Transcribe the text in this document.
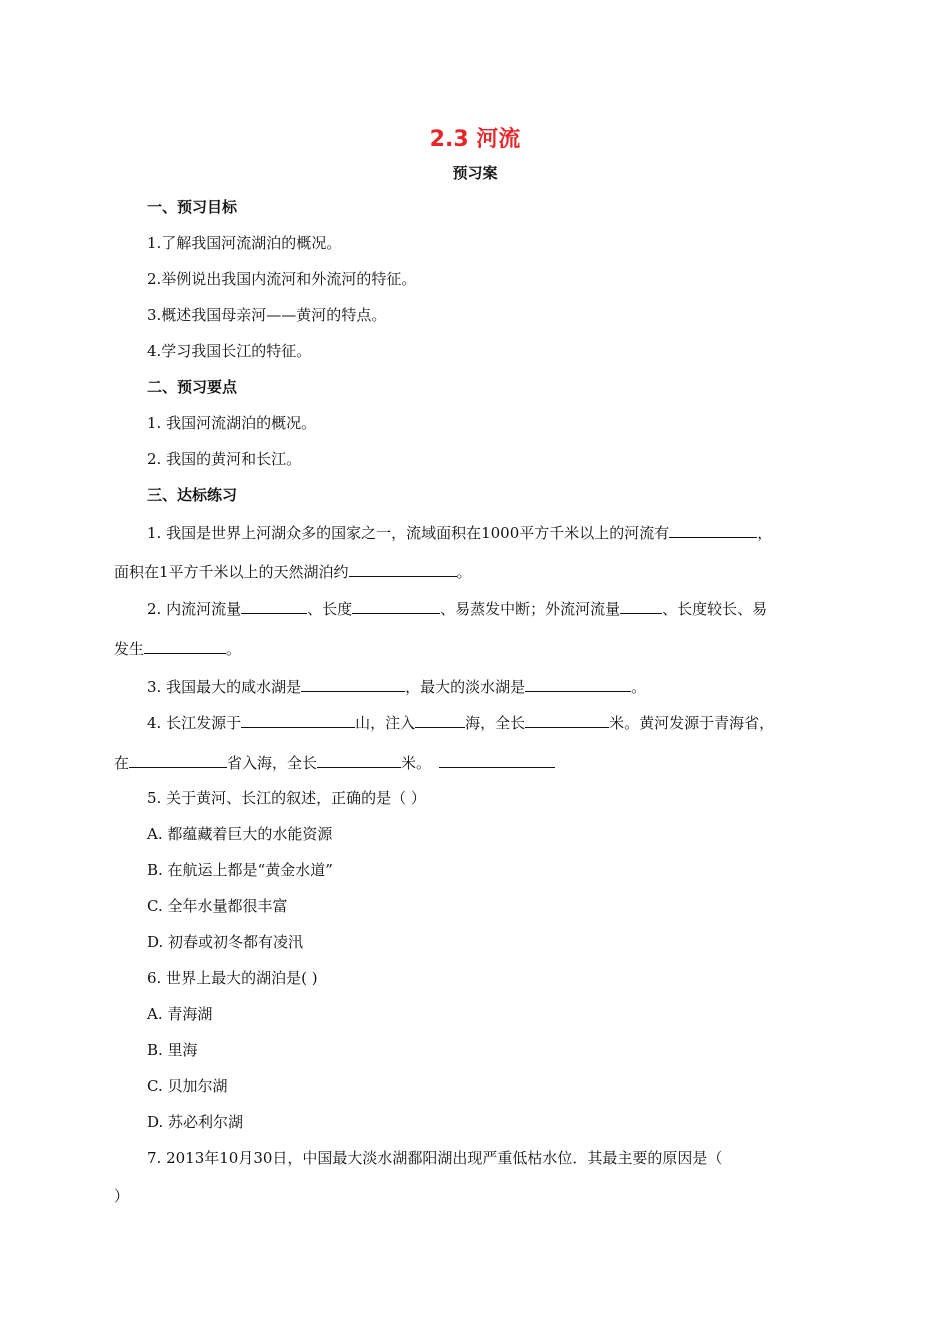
2.3 河流
预习案
一、预习目标
1.了解我国河流湖泊的概况。
2.举例说出我国内流河和外流河的特征。
3.概述我国母亲河——黄河的特点。
4.学习我国长江的特征。
二、预习要点
1. 我国河流湖泊的概况。
2. 我国的黄河和长江。
三、达标练习
1. 我国是世界上河湖众多的国家之一，流域面积在1000平方千米以上的河流有	，
面积在1平方千米以上的天然湖泊约	。
2. 内流河流量	、长度	、易蒸发中断；外流河流量	、长度较长、易
发生	。
3. 我国最大的咸水湖是	，最大的淡水湖是	。
4. 长江发源于	山，注入	海，全长	米。黄河发源于青海省，
在	省入海，全长	米。
5. 关于黄河、长江的叙述，正确的是（ ）
A. 都蕴藏着巨大的水能资源
B. 在航运上都是“黄金水道”
C. 全年水量都很丰富
D. 初春或初冬都有凌汛
6. 世界上最大的湖泊是( )
A. 青海湖
B. 里海
C. 贝加尔湖
D. 苏必利尔湖
7. 2013年10月30日，中国最大淡水湖鄱阳湖出现严重低枯水位．其最主要的原因是（
）
